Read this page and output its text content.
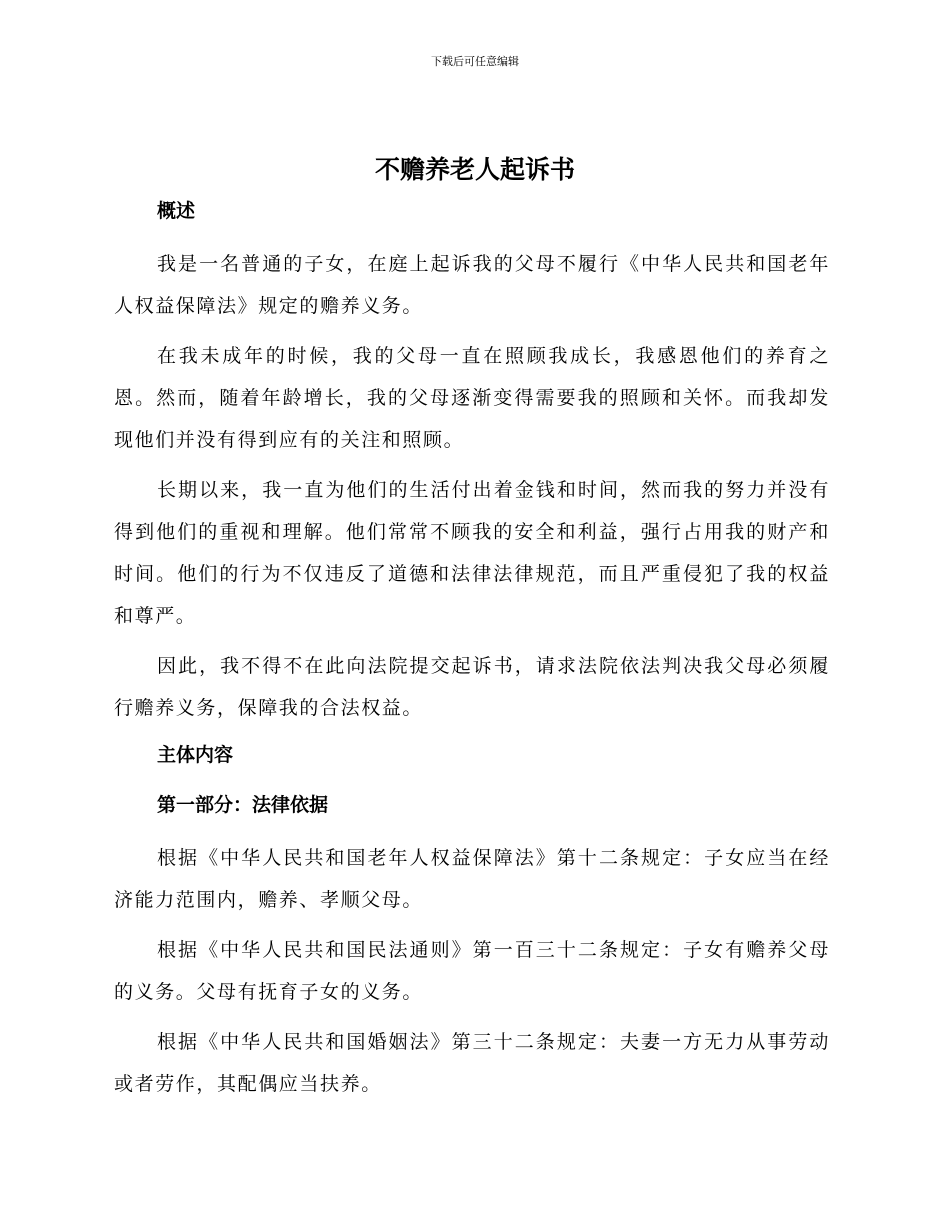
下载后可任意编辑
不赡养老人起诉书
概述

我是一名普通的子女，在庭上起诉我的父母不履行《中华人民共和国老年人权益保障法》规定的赡养义务。

在我未成年的时候，我的父母一直在照顾我成长，我感恩他们的养育之恩。然而，随着年龄增长，我的父母逐渐变得需要我的照顾和关怀。而我却发现他们并没有得到应有的关注和照顾。

长期以来，我一直为他们的生活付出着金钱和时间，然而我的努力并没有得到他们的重视和理解。他们常常不顾我的安全和利益，强行占用我的财产和时间。他们的行为不仅违反了道德和法律法律规范，而且严重侵犯了我的权益和尊严。

因此，我不得不在此向法院提交起诉书，请求法院依法判决我父母必须履行赡养义务，保障我的合法权益。

主体内容
第一部分：法律依据

根据《中华人民共和国老年人权益保障法》第十二条规定：子女应当在经济能力范围内，赡养、孝顺父母。

根据《中华人民共和国民法通则》第一百三十二条规定：子女有赡养父母的义务。父母有抚育子女的义务。

根据《中华人民共和国婚姻法》第三十二条规定：夫妻一方无力从事劳动或者劳作，其配偶应当扶养。
